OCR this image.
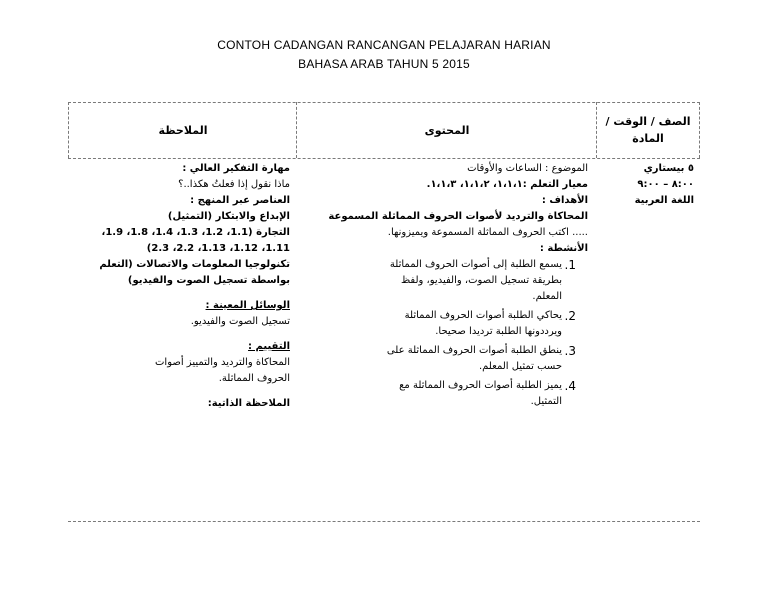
CONTOH CADANGAN RANCANGAN PELAJARAN HARIAN
BAHASA ARAB TAHUN 5 2015
الصف / الوقت / المادة
المحتوى
الملاحظة
٥ بيستاري
٨:٠٠ – ٩:٠٠
اللغة العربية
الموضوع : الساعات والأوقات
معيار التعلم :١،١،١، ١،١،٢، ١،١،٣.
الأهداف :
المحاكاة والترديد لأصوات الحروف المماثلة المسموعة
..... اكتب الحروف المماثلة المسموعة ويميزونها.
الأنشطة :
1.
يسمع الطلبة إلى أصوات الحروف المماثلة
بطريقة تسجيل الصوت، والفيديو، ولفظ
المعلم.
2.
يحاكي الطلبة أصوات الحروف المماثلة
ويرددونها الطلبة ترديدا صحيحا.
3.
ينطق الطلبة أصوات الحروف المماثلة على
حسب تمثيل المعلم.
4.
يميز الطلبة أصوات الحروف المماثلة مع
التمثيل.
مهارة التفكير العالي :
ماذا نقول إذا فعلتُ هكذا..؟
العناصر عبر المنهج :
الإبداع والابتكار (التمثيل)
التجارة (1.1، 1.2، 1.3، 1.4، 1.8، 1.9،
1.11، 1.12، 1.13، 2.2، 2.3)
تكنولوجيا المعلومات والاتصالات (التعلم
بواسطة تسجيل الصوت والفيديو)
الوسائل المعينة :
تسجيل الصوت والفيديو.
التقييم :
المحاكاة والترديد والتمييز أصوات
الحروف المماثلة.
الملاحظة الذاتية:
